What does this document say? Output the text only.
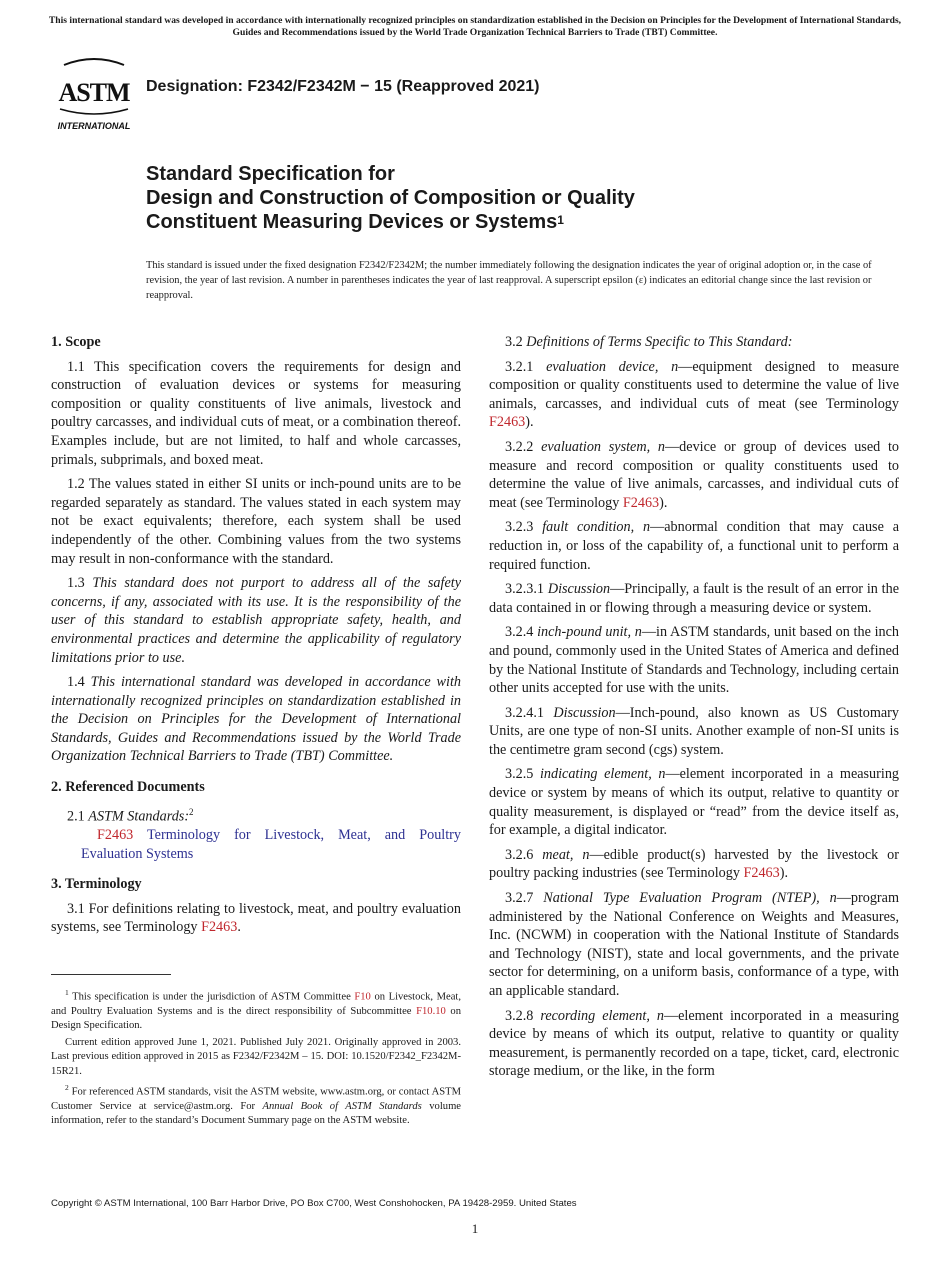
This international standard was developed in accordance with internationally recognized principles on standardization established in the Decision on Principles for the Development of International Standards, Guides and Recommendations issued by the World Trade Organization Technical Barriers to Trade (TBT) Committee.
ASTM
INTERNATIONAL
Designation: F2342/F2342M − 15 (Reapproved 2021)
Standard Specification for
Design and Construction of Composition or Quality
Constituent Measuring Devices or Systems$^1$
This standard is issued under the fixed designation F2342/F2342M; the number immediately following the designation indicates the year of original adoption or, in the case of revision, the year of last revision. A number in parentheses indicates the year of last reapproval. A superscript epsilon (ε) indicates an editorial change since the last revision or reapproval.
1. Scope

1.1 This specification covers the requirements for design and construction of evaluation devices or systems for measuring composition or quality constituents of live animals, livestock and poultry carcasses, and individual cuts of meat, or a combination thereof. Examples include, but are not limited, to half and whole carcasses, primals, subprimals, and boxed meat.

1.2 The values stated in either SI units or inch-pound units are to be regarded separately as standard. The values stated in each system may not be exact equivalents; therefore, each system shall be used independently of the other. Combining values from the two systems may result in non-conformance with the standard.

1.3 This standard does not purport to address all of the safety concerns, if any, associated with its use. It is the responsibility of the user of this standard to establish appropriate safety, health, and environmental practices and determine the applicability of regulatory limitations prior to use.

1.4 This international standard was developed in accordance with internationally recognized principles on standardization established in the Decision on Principles for the Development of International Standards, Guides and Recommendations issued by the World Trade Organization Technical Barriers to Trade (TBT) Committee.

2. Referenced Documents

2.1 ASTM Standards:$^2$

F2463 Terminology for Livestock, Meat, and Poultry Evaluation Systems

3. Terminology

3.1 For definitions relating to livestock, meat, and poultry evaluation systems, see Terminology F2463.

$^1$ This specification is under the jurisdiction of ASTM Committee F10 on Livestock, Meat, and Poultry Evaluation Systems and is the direct responsibility of Subcommittee F10.10 on Design Specification.

Current edition approved June 1, 2021. Published July 2021. Originally approved in 2003. Last previous edition approved in 2015 as F2342/F2342M – 15. DOI: 10.1520/F2342_F2342M-15R21.

$^2$ For referenced ASTM standards, visit the ASTM website, www.astm.org, or contact ASTM Customer Service at service@astm.org. For Annual Book of ASTM Standards volume information, refer to the standard’s Document Summary page on the ASTM website.

3.2 Definitions of Terms Specific to This Standard:

3.2.1 evaluation device, n—equipment designed to measure composition or quality constituents used to determine the value of live animals, carcasses, and individual cuts of meat (see Terminology F2463).

3.2.2 evaluation system, n—device or group of devices used to measure and record composition or quality constituents used to determine the value of live animals, carcasses, and individual cuts of meat (see Terminology F2463).

3.2.3 fault condition, n—abnormal condition that may cause a reduction in, or loss of the capability of, a functional unit to perform a required function.

3.2.3.1 Discussion—Principally, a fault is the result of an error in the data contained in or flowing through a measuring device or system.

3.2.4 inch-pound unit, n—in ASTM standards, unit based on the inch and pound, commonly used in the United States of America and defined by the National Institute of Standards and Technology, including certain other units accepted for use with the units.

3.2.4.1 Discussion—Inch-pound, also known as US Customary Units, are one type of non-SI units. Another example of non-SI units is the centimetre gram second (cgs) system.

3.2.5 indicating element, n—element incorporated in a measuring device or system by means of which its output, relative to quantity or quality measurement, is displayed or “read” from the device itself as, for example, a digital indicator.

3.2.6 meat, n—edible product(s) harvested by the livestock or poultry packing industries (see Terminology F2463).

3.2.7 National Type Evaluation Program (NTEP), n—program administered by the National Conference on Weights and Measures, Inc. (NCWM) in cooperation with the National Institute of Standards and Technology (NIST), state and local governments, and the private sector for determining, on a uniform basis, conformance of a type, with an applicable standard.

3.2.8 recording element, n—element incorporated in a measuring device by means of which its output, relative to quantity or quality measurement, is permanently recorded on a tape, ticket, card, electronic storage medium, or the like, in the form

Copyright © ASTM International, 100 Barr Harbor Drive, PO Box C700, West Conshohocken, PA 19428-2959. United States
1
